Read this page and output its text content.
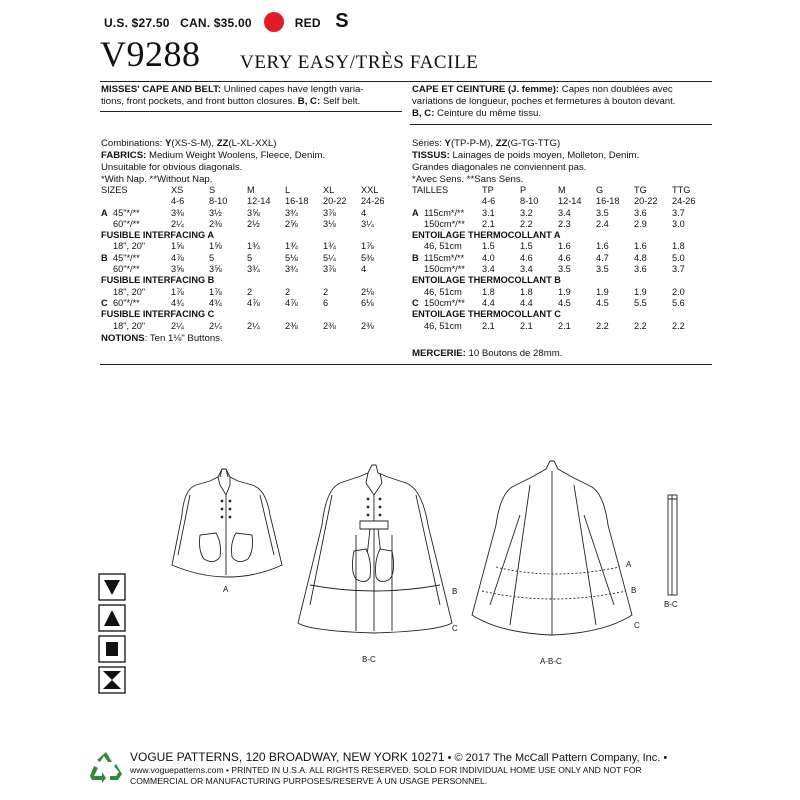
U.S. $27.50 CAN. $35.00	RED S
V9288 VERY EASY/TRÈS FACILE
MISSES' CAPE AND BELT: Unlined capes have length varia-
tions, front pockets, and front button closures. B, C: Self belt.
Combinations: Y(XS-S-M), ZZ(L-XL-XXL)
FABRICS: Medium Weight Woolens, Fleece, Denim.
Unsuitable for obvious diagonals.
*With Nap. **Without Nap.
SIZES		XS	S	M	L	XL	XXL
		4-6	8-10	12-14	16-18	20-22	24-26
A	45"*/**	3⅜	3½	3⅝	3¾	3⅞	4
	60"*/**	2¼	2⅜	2½	2⅝	3⅛	3¼
FUSIBLE INTERFACING A							
	18", 20"	1⅝	1⅝	1¾	1¾	1¾	1⅞
B	45"*/**	4⅞	5	5	5⅛	5¼	5⅜
	60"*/**	3⅝	3⅝	3¾	3¾	3⅞	4
FUSIBLE INTERFACING B							
	18", 20"	1⅞	1⅞	2	2	2	2⅛
C	60"*/**	4¾	4¾	4⅞	4⅞	6	6⅛
FUSIBLE INTERFACING C							
	18", 20"	2¼	2¼	2¼	2⅜	2⅜	2⅜
NOTIONS: Ten 1⅛" Buttons.
CAPE ET CEINTURE (J. femme): Capes non doublées avec
variations de longueur, poches et fermetures à bouton devant.
B, C: Ceinture du même tissu.
Séries: Y(TP-P-M), ZZ(G-TG-TTG)
TISSUS: Lainages de poids moyen, Molleton, Denim.
Grandes diagonales ne conviennent pas.
*Avec Sens. **Sans Sens.
TAILLES		TP	P	M	G	TG	TTG
		4-6	8-10	12-14	16-18	20-22	24-26
A	115cm*/**	3.1	3.2	3.4	3.5	3.6	3.7
	150cm*/**	2.1	2.2	2.3	2.4	2.9	3.0
ENTOILAGE THERMOCOLLANT A							
	46, 51cm	1.5	1.5	1.6	1.6	1.6	1.8
B	115cm*/**	4.0	4.6	4.6	4.7	4.8	5.0
	150cm*/**	3.4	3.4	3.5	3.5	3.6	3.7
ENTOILAGE THERMOCOLLANT B							
	46, 51cm	1.8	1.8	1.9	1.9	1.9	2.0
C	150cm*/**	4.4	4.4	4.5	4.5	5.5	5.6
ENTOILAGE THERMOCOLLANT C							
	46, 51cm	2.1	2.1	2.1	2.2	2.2	2.2
MERCERIE: 10 Boutons de 28mm.
A
B-C	A-B-C
B-C
B
C
A
B
C
VOGUE PATTERNS, 120 BROADWAY, NEW YORK 10271 • © 2017 The McCall Pattern Company, Inc. •
www.voguepatterns.com • PRINTED IN U.S.A. ALL RIGHTS RESERVED. SOLD FOR INDIVIDUAL HOME USE ONLY AND NOT FOR
COMMERCIAL OR MANUFACTURING PURPOSES/RESERVE À UN USAGE PERSONNEL.
